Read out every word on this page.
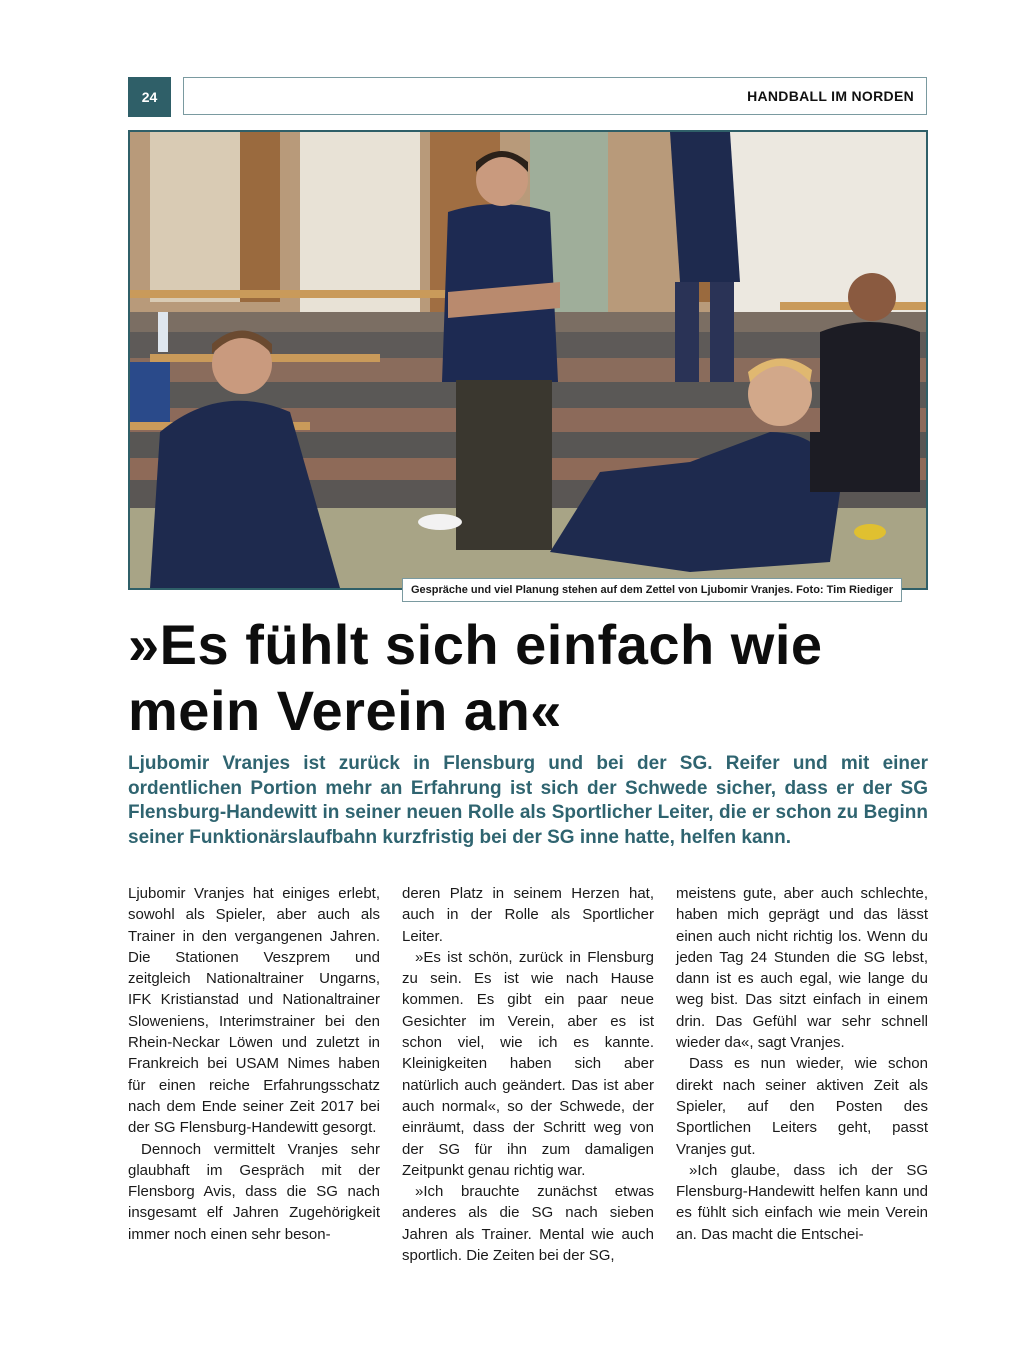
24	HANDBALL IM NORDEN
Gespräche und viel Planung stehen auf dem Zettel von Ljubomir Vranjes. Foto: Tim Riediger
»Es fühlt sich einfach wie
mein Verein an«

Ljubomir Vranjes ist zurück in Flensburg und bei der SG. Reifer und mit einer ordentlichen Portion mehr an Erfahrung ist sich der Schwede sicher, dass er der SG Flensburg-Handewitt in seiner neuen Rolle als Sportlicher Leiter, die er schon zu Beginn seiner Funktionärslaufbahn kurzfristig bei der SG inne hatte, helfen kann.

Ljubomir Vranjes hat einiges erlebt, sowohl als Spieler, aber auch als Trainer in den vergangenen Jahren. Die Stationen Veszprem und zeitgleich Nationaltrainer Ungarns, IFK Kristianstad und Nationaltrainer Sloweniens, Interimstrainer bei den Rhein-Neckar Löwen und zuletzt in Frankreich bei USAM Nimes haben für einen reiche Erfahrungsschatz nach dem Ende seiner Zeit 2017 bei der SG Flensburg-Handewitt gesorgt.

Dennoch vermittelt Vranjes sehr glaubhaft im Gespräch mit der Flensborg Avis, dass die SG nach insgesamt elf Jahren Zugehörigkeit immer noch einen sehr beson-

deren Platz in seinem Herzen hat, auch in der Rolle als Sportlicher Leiter.

»Es ist schön, zurück in Flensburg zu sein. Es ist wie nach Hause kommen. Es gibt ein paar neue Gesichter im Verein, aber es ist schon viel, wie ich es kannte. Kleinigkeiten haben sich aber natürlich auch geändert. Das ist aber auch normal«, so der Schwede, der einräumt, dass der Schritt weg von der SG für ihn zum damaligen Zeitpunkt genau richtig war.

»Ich brauchte zunächst etwas anderes als die SG nach sieben Jahren als Trainer. Mental wie auch sportlich. Die Zeiten bei der SG,

meistens gute, aber auch schlechte, haben mich geprägt und das lässt einen auch nicht richtig los. Wenn du jeden Tag 24 Stunden die SG lebst, dann ist es auch egal, wie lange du weg bist. Das sitzt einfach in einem drin. Das Gefühl war sehr schnell wieder da«, sagt Vranjes.

Dass es nun wieder, wie schon direkt nach seiner aktiven Zeit als Spieler, auf den Posten des Sportlichen Leiters geht, passt Vranjes gut.

»Ich glaube, dass ich der SG Flensburg-Handewitt helfen kann und es fühlt sich einfach wie mein Verein an. Das macht die Entschei-
